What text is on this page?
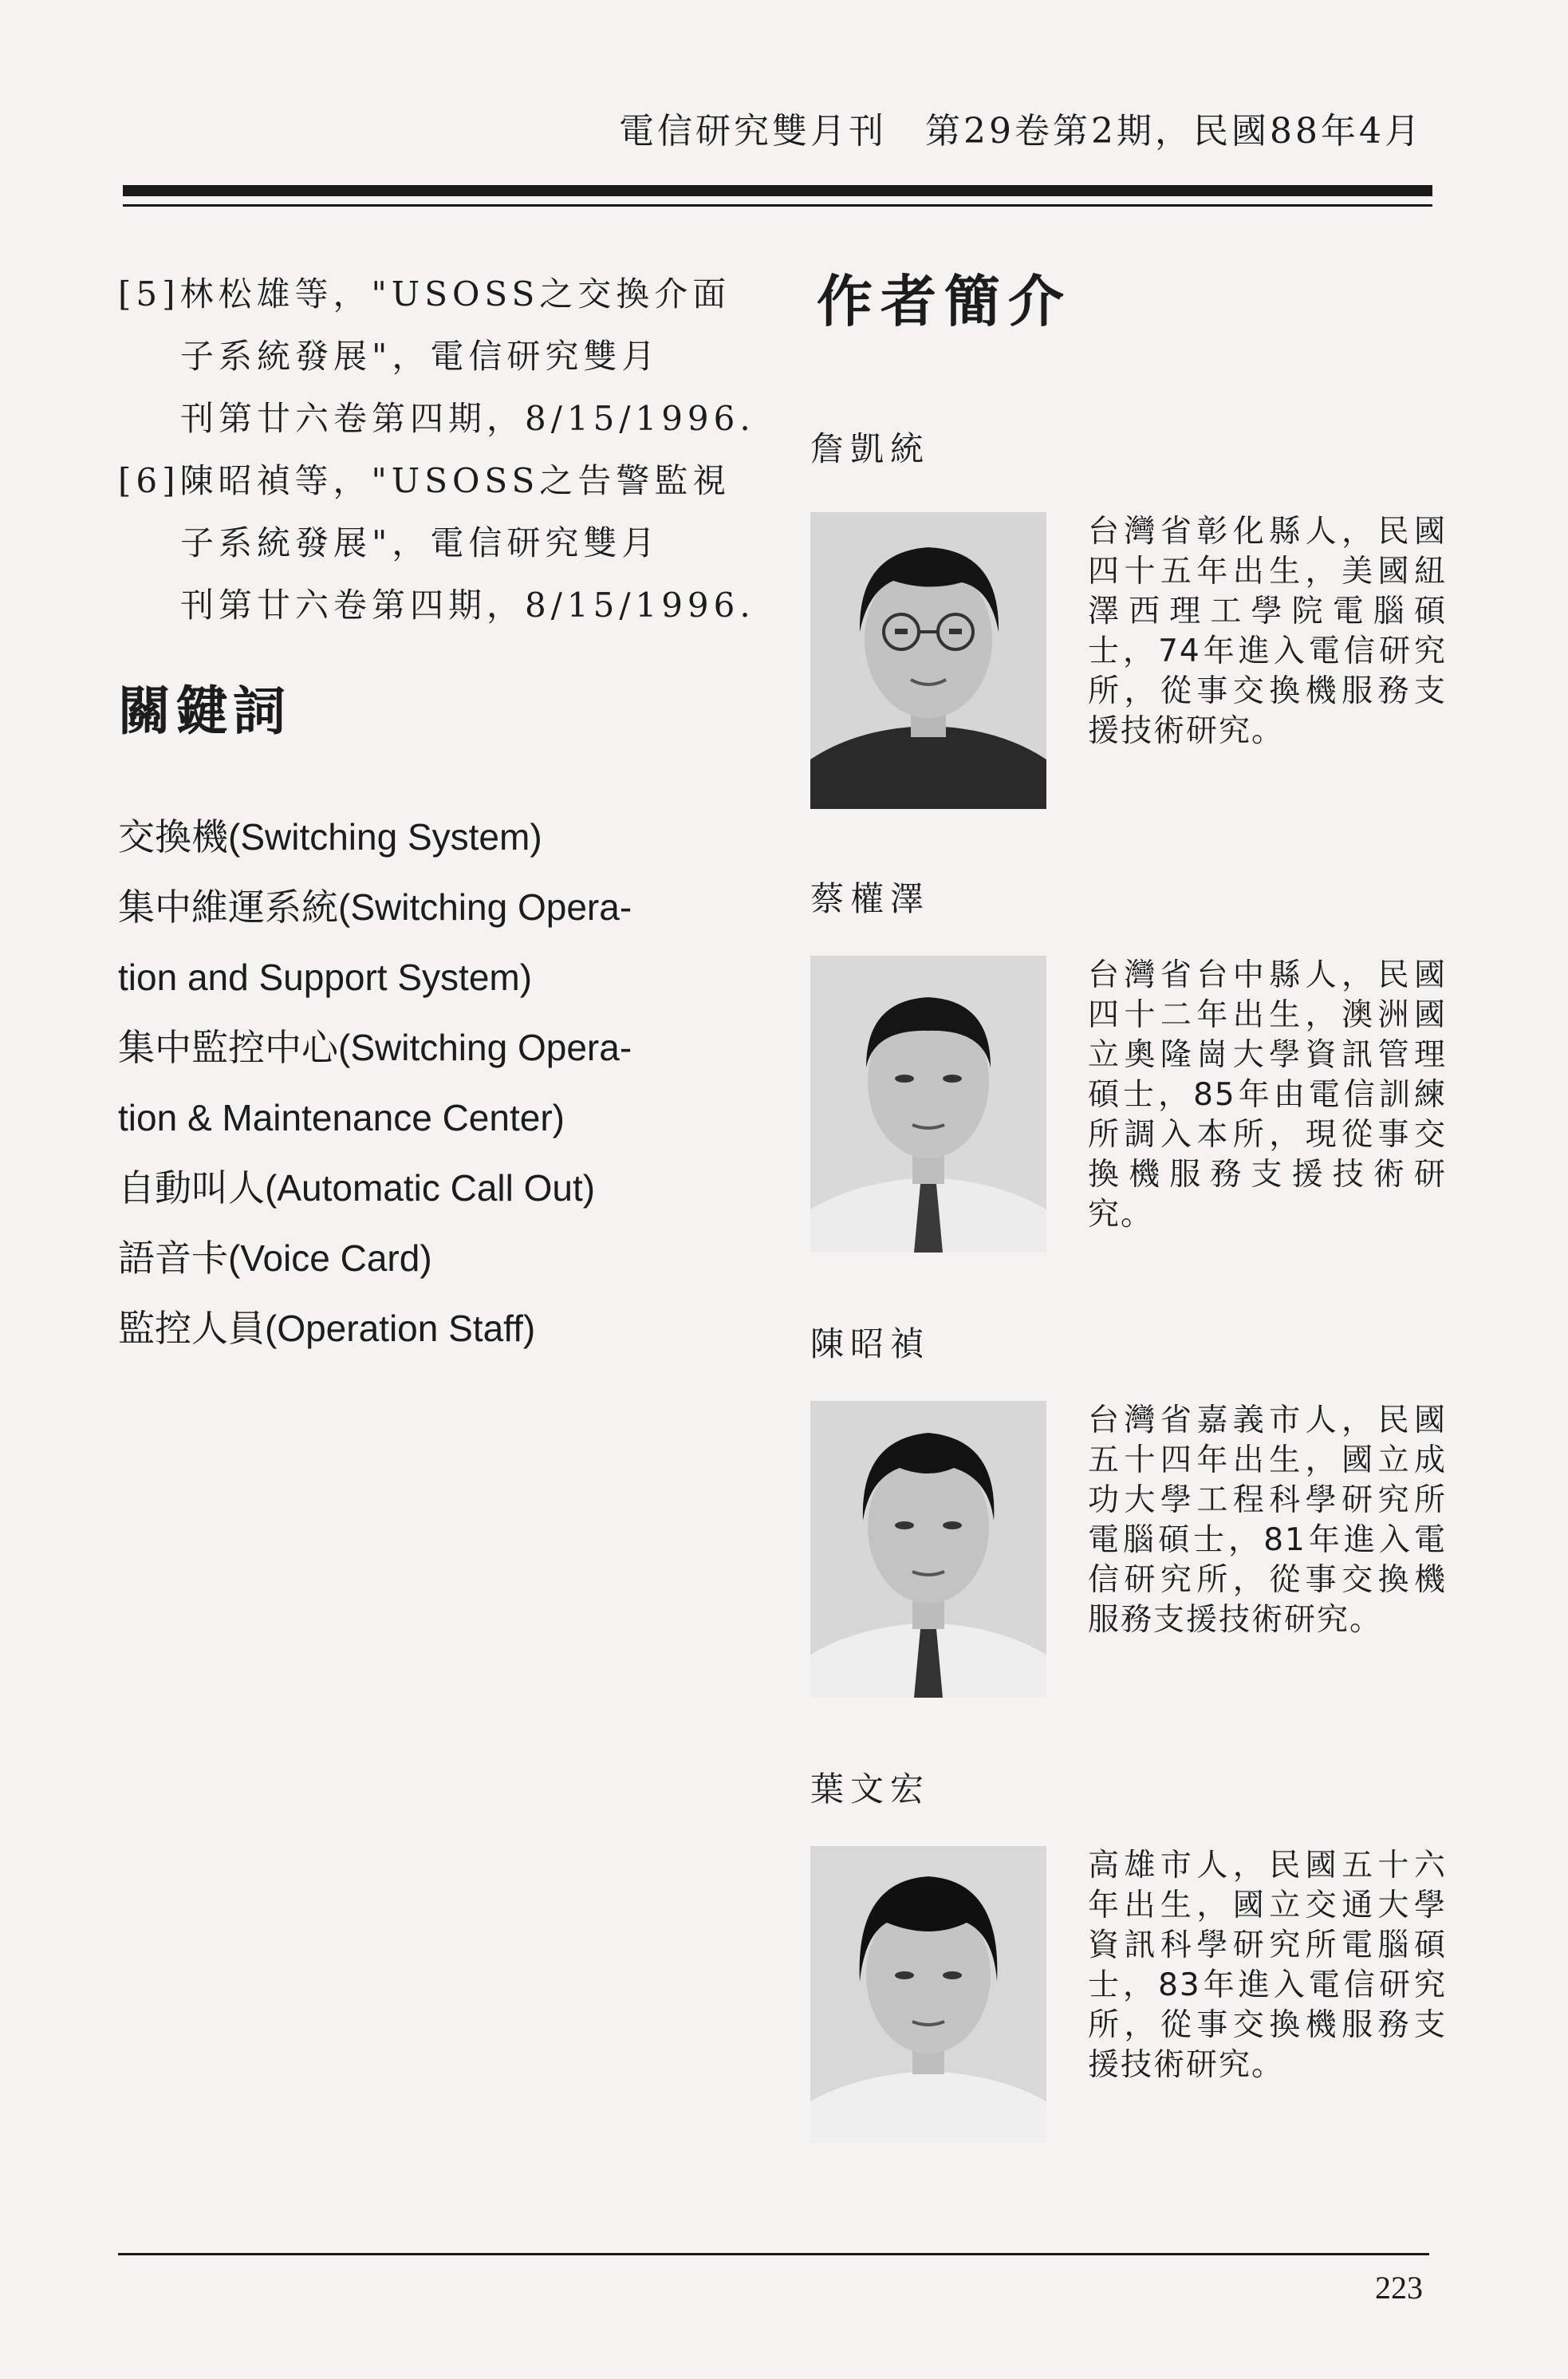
電信研究雙月刊　第29卷第2期，民國88年4月
[5]林松雄等，"USOSS之交換介面
子系統發展"，電信研究雙月
刊第廿六卷第四期，8/15/1996.
[6]陳昭禎等，"USOSS之告警監視
子系統發展"，電信研究雙月
刊第廿六卷第四期，8/15/1996.
關鍵詞
交換機(Switching System)
集中維運系統(Switching Opera-
tion and Support System)
集中監控中心(Switching Opera-
tion & Maintenance Center)
自動叫人(Automatic Call Out)
語音卡(Voice Card)
監控人員(Operation Staff)
作者簡介
詹凱統
台灣省彰化縣人，民國四十五年出生，美國紐澤西理工學院電腦碩士，74年進入電信研究所，從事交換機服務支援技術研究。
蔡權澤
台灣省台中縣人，民國四十二年出生，澳洲國立奧隆崗大學資訊管理碩士，85年由電信訓練所調入本所，現從事交換機服務支援技術研究。
陳昭禎
台灣省嘉義市人，民國五十四年出生，國立成功大學工程科學研究所電腦碩士，81年進入電信研究所，從事交換機服務支援技術研究。
葉文宏
高雄市人，民國五十六年出生，國立交通大學資訊科學研究所電腦碩士，83年進入電信研究所，從事交換機服務支援技術研究。
223
